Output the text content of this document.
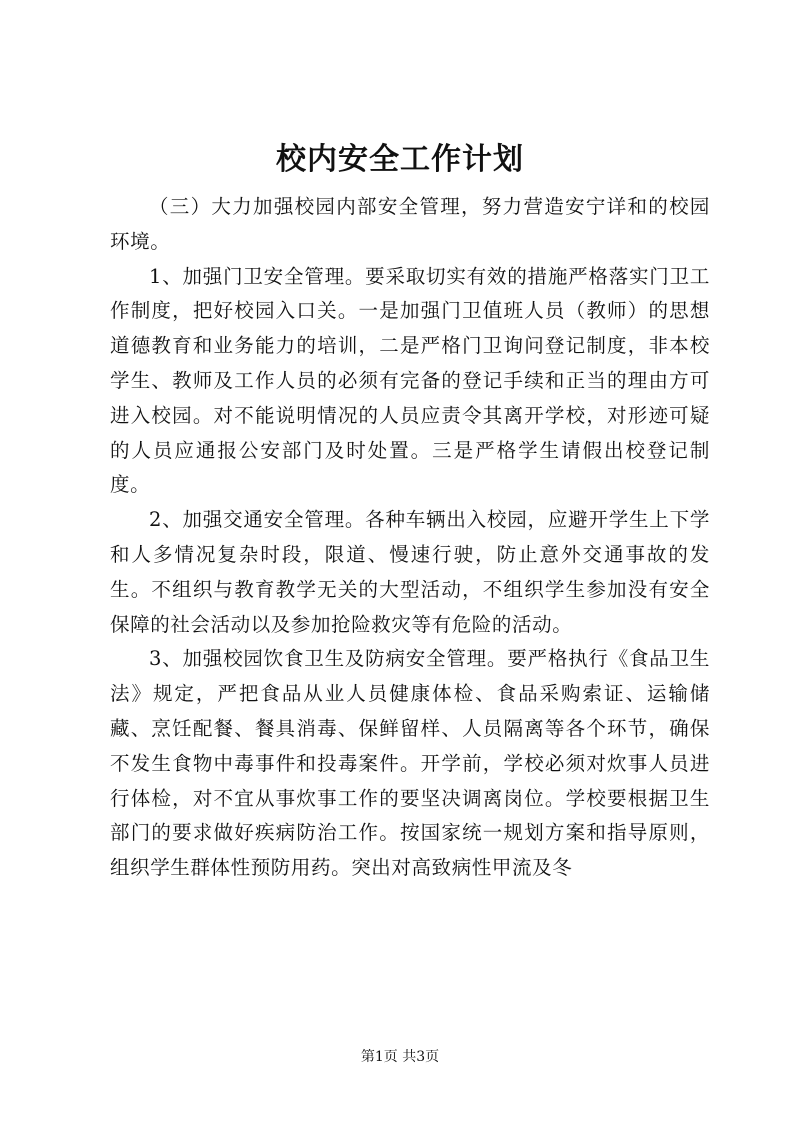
校内安全工作计划

（三）大力加强校园内部安全管理，努力营造安宁详和的校园环境。

1、加强门卫安全管理。要采取切实有效的措施严格落实门卫工作制度，把好校园入口关。一是加强门卫值班人员（教师）的思想道德教育和业务能力的培训，二是严格门卫询问登记制度，非本校学生、教师及工作人员的必须有完备的登记手续和正当的理由方可进入校园。对不能说明情况的人员应责令其离开学校，对形迹可疑的人员应通报公安部门及时处置。三是严格学生请假出校登记制度。

2、加强交通安全管理。各种车辆出入校园，应避开学生上下学和人多情况复杂时段，限道、慢速行驶，防止意外交通事故的发生。不组织与教育教学无关的大型活动，不组织学生参加没有安全保障的社会活动以及参加抢险救灾等有危险的活动。

3、加强校园饮食卫生及防病安全管理。要严格执行《食品卫生法》规定，严把食品从业人员健康体检、食品采购索证、运输储藏、烹饪配餐、餐具消毒、保鲜留样、人员隔离等各个环节，确保不发生食物中毒事件和投毒案件。开学前，学校必须对炊事人员进行体检，对不宜从事炊事工作的要坚决调离岗位。学校要根据卫生部门的要求做好疾病防治工作。按国家统一规划方案和指导原则，组织学生群体性预防用药。突出对高致病性甲流及冬

第1页 共3页
